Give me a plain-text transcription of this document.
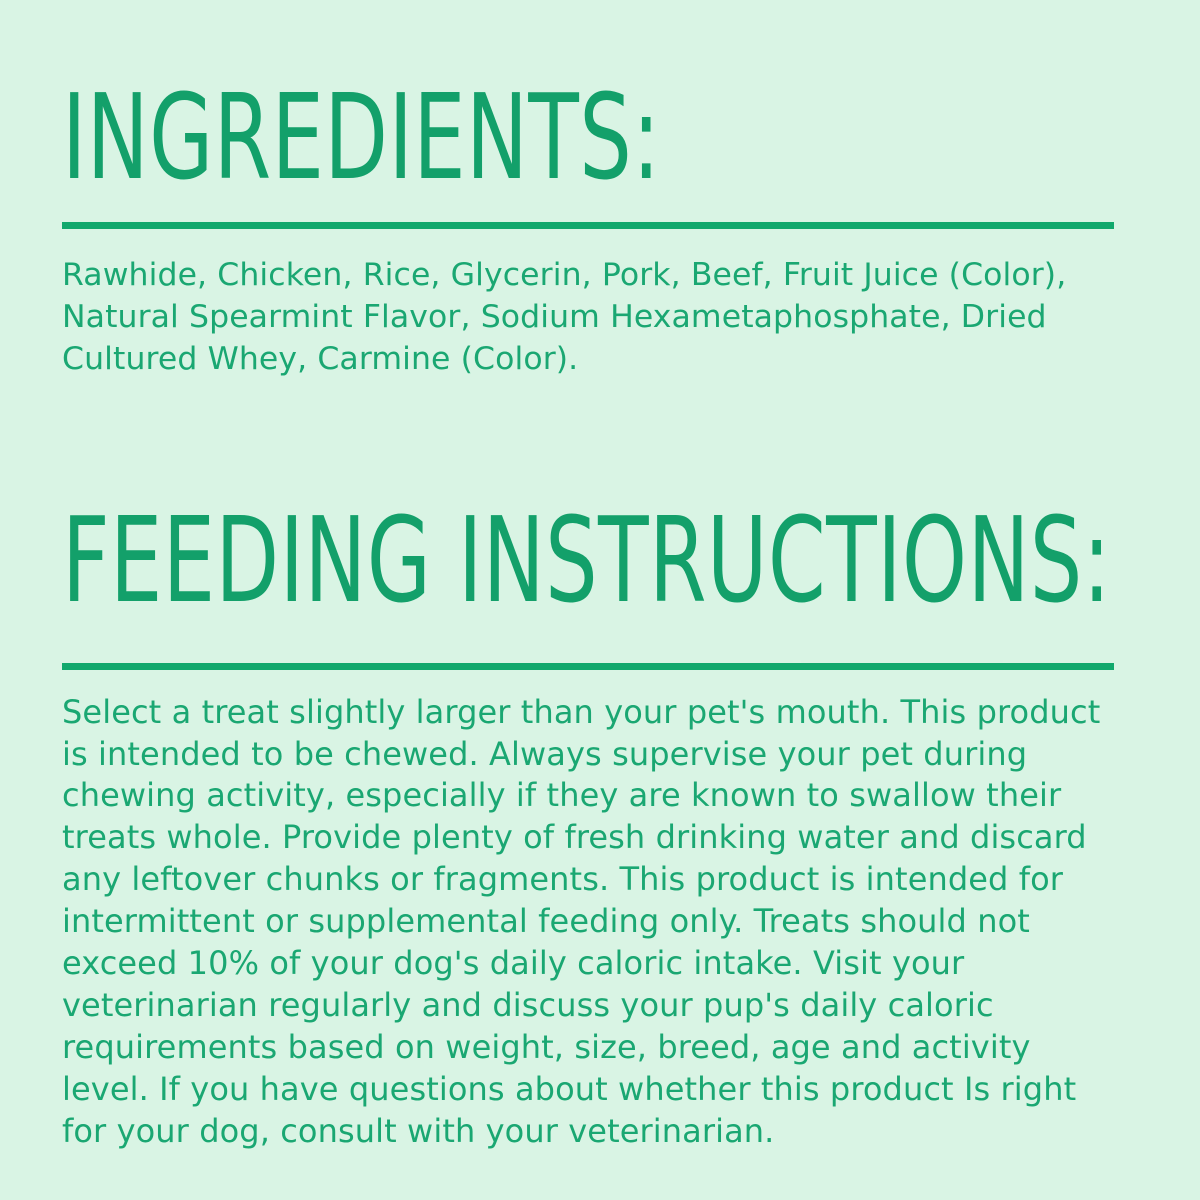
INGREDIENTS:
Rawhide, Chicken, Rice, Glycerin, Pork, Beef, Fruit Juice (Color), Natural Spearmint Flavor, Sodium Hexametaphosphate, Dried Cultured Whey, Carmine (Color).
FEEDING INSTRUCTIONS:
Select a treat slightly larger than your pet's mouth. This product is intended to be chewed. Always supervise your pet during chewing activity, especially if they are known to swallow their treats whole. Provide plenty of fresh drinking water and discard any leftover chunks or fragments. This product is intended for intermittent or supplemental feeding only. Treats should not exceed 10% of your dog's daily caloric intake. Visit your veterinarian regularly and discuss your pup's daily caloric requirements based on weight, size, breed, age and activity level. If you have questions about whether this product Is right for your dog, consult with your veterinarian.
